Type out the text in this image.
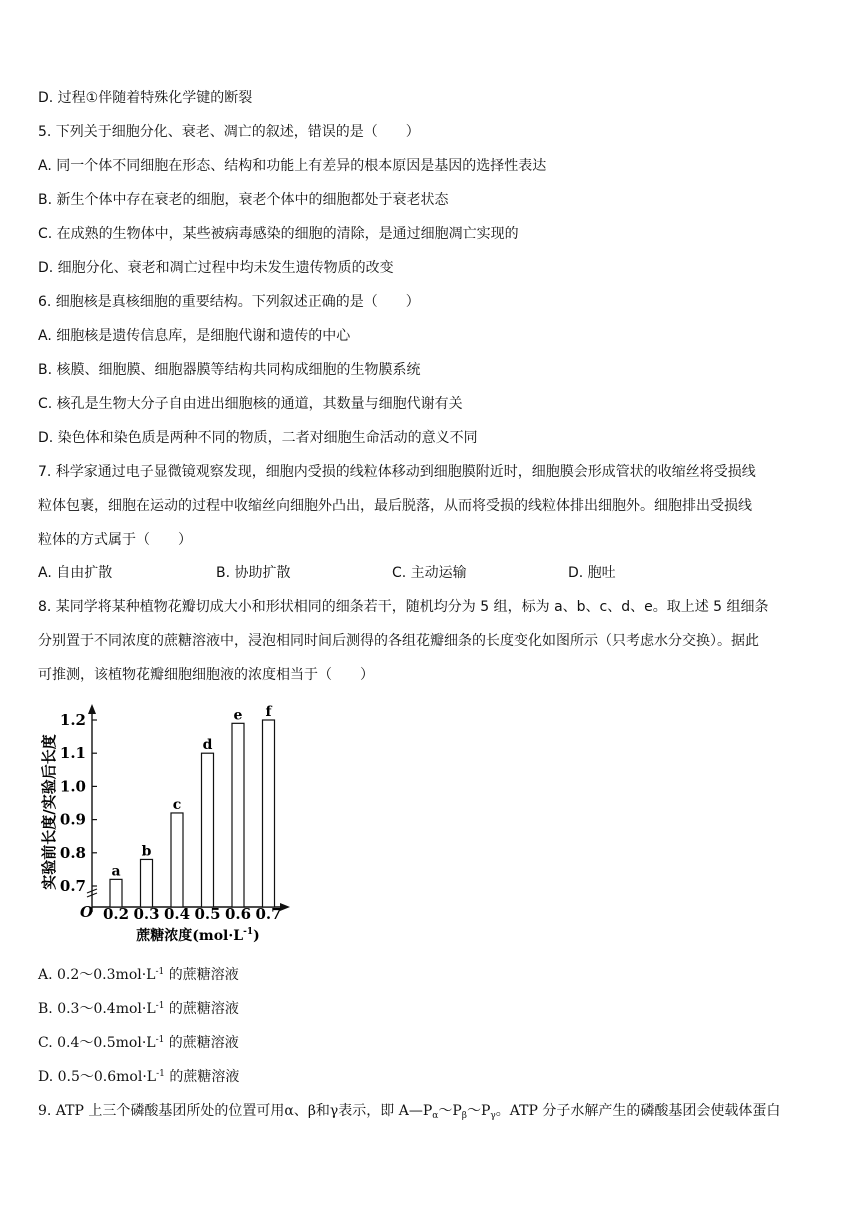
D. 过程①伴随着特殊化学键的断裂
5. 下列关于细胞分化、衰老、凋亡的叙述，错误的是（　　）
A. 同一个体不同细胞在形态、结构和功能上有差异的根本原因是基因的选择性表达
B. 新生个体中存在衰老的细胞，衰老个体中的细胞都处于衰老状态
C. 在成熟的生物体中，某些被病毒感染的细胞的清除，是通过细胞凋亡实现的
D. 细胞分化、衰老和凋亡过程中均未发生遗传物质的改变
6. 细胞核是真核细胞的重要结构。下列叙述正确的是（　　）
A. 细胞核是遗传信息库，是细胞代谢和遗传的中心
B. 核膜、细胞膜、细胞器膜等结构共同构成细胞的生物膜系统
C. 核孔是生物大分子自由进出细胞核的通道，其数量与细胞代谢有关
D. 染色体和染色质是两种不同的物质，二者对细胞生命活动的意义不同
7. 科学家通过电子显微镜观察发现，细胞内受损的线粒体移动到细胞膜附近时，细胞膜会形成管状的收缩丝将受损线
粒体包裹，细胞在运动的过程中收缩丝向细胞外凸出，最后脱落，从而将受损的线粒体排出细胞外。细胞排出受损线
粒体的方式属于（　　）
A. 自由扩散	B. 协助扩散	C. 主动运输	D. 胞吐
8. 某同学将某种植物花瓣切成大小和形状相同的细条若干，随机均分为 5 组，标为 a、b、c、d、e。取上述 5 组细条
分别置于不同浓度的蔗糖溶液中，浸泡相同时间后测得的各组花瓣细条的长度变化如图所示（只考虑水分交换）。据此
可推测，该植物花瓣细胞细胞液的浓度相当于（　　）
0.7
0.8
0.9
1.0
1.1
1.2
a
b
c
d
e f
0.2 0.3 0.4 0.5 0.6 0.7
O
实验前长度/实验后长度
蔗糖浓度$(mol\cdot L^{-1})$
A. $0.2\sim 0.3mol\cdot L^{-1}$ 的蔗糖溶液
B. $0.3\sim 0.4mol\cdot L^{-1}$ 的蔗糖溶液
C. $0.4\sim 0.5mol\cdot L^{-1}$ 的蔗糖溶液
D. $0.5\sim 0.6mol\cdot L^{-1}$ 的蔗糖溶液
9. ATP 上三个磷酸基团所处的位置可用α、β和γ表示，即 $A—P_\alpha\sim P_\beta\sim P_\gamma$。ATP 分子水解产生的磷酸基团会使载体蛋白
